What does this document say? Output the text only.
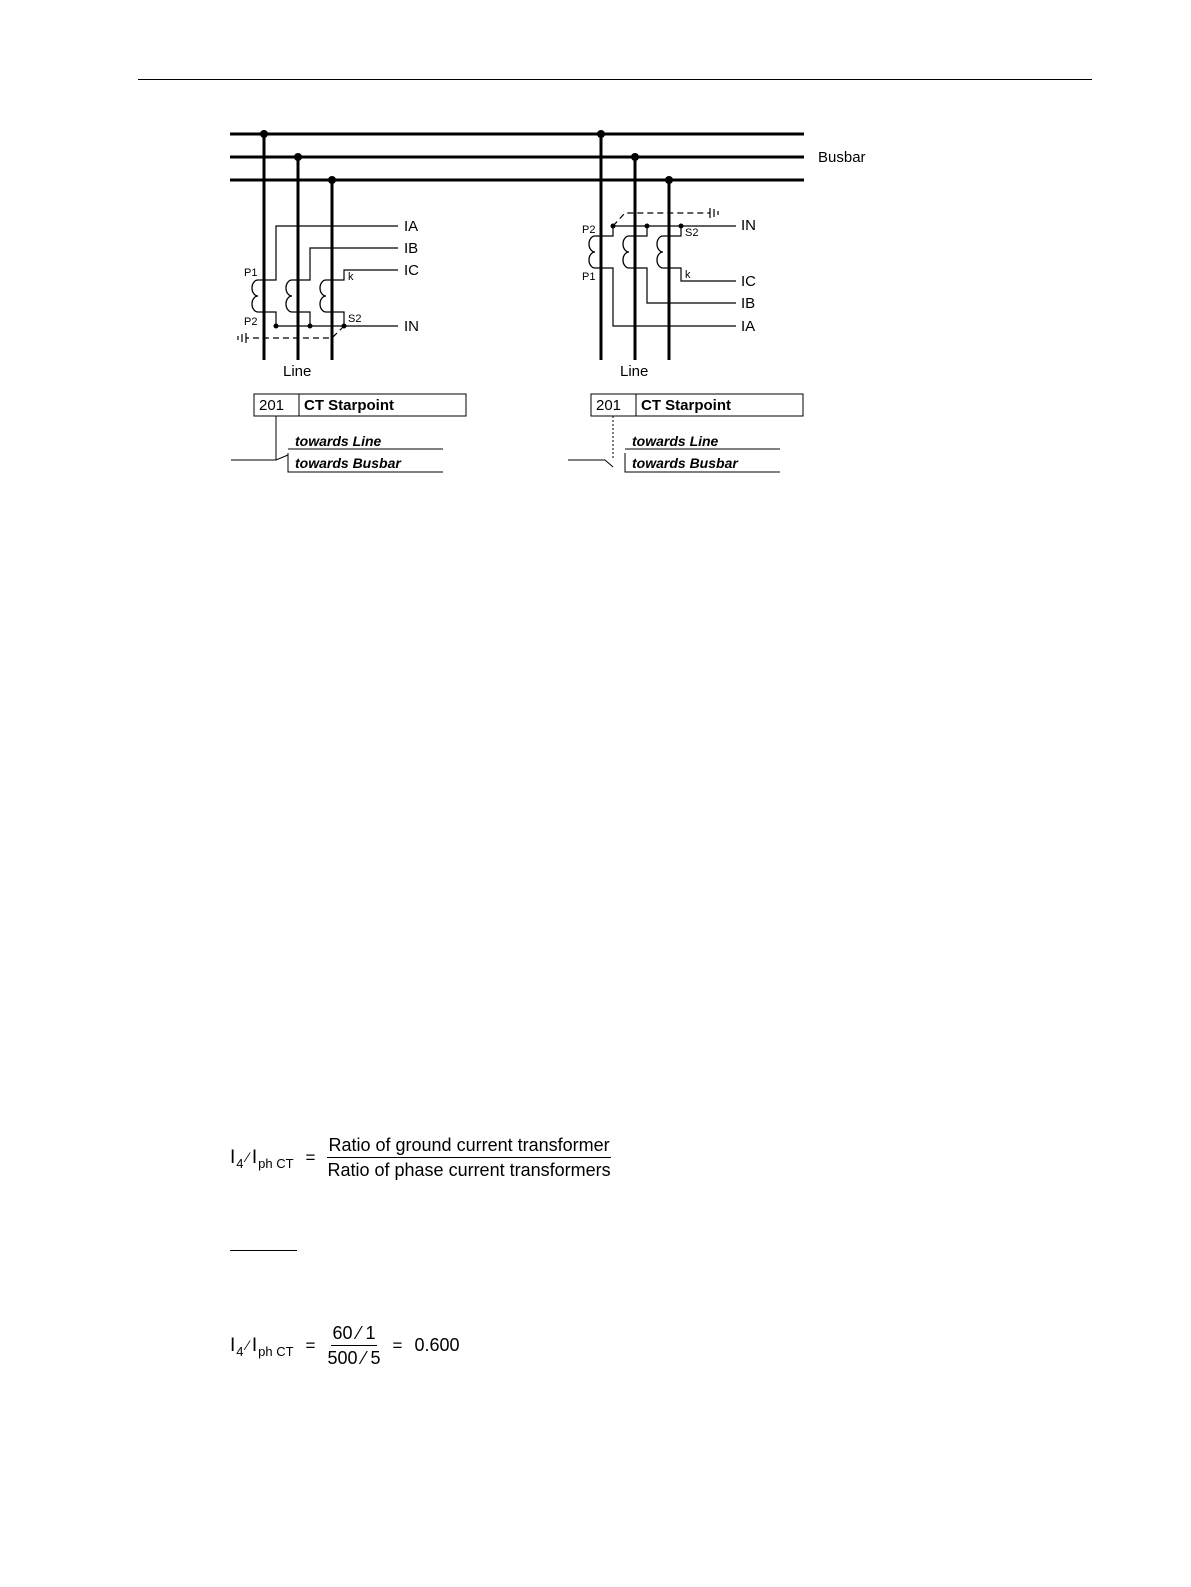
Busbar
IA
IB
IC
IN
P1
P2
k
S2
Line
201 CT Starpoint
towards Line
towards Busbar
IN
IC
IB
IA
P2
P1
S2
k
Line
201 CT Starpoint
towards Line
towards Busbar
I 4 ⁄ I ph CT = $\frac{\text{Ratio of ground current transformer}}{\text{Ratio of phase current transformers}}$
I 4 ⁄ I ph CT = $\frac{60 ⁄ 1}{500 ⁄ 5} = 0.600$
